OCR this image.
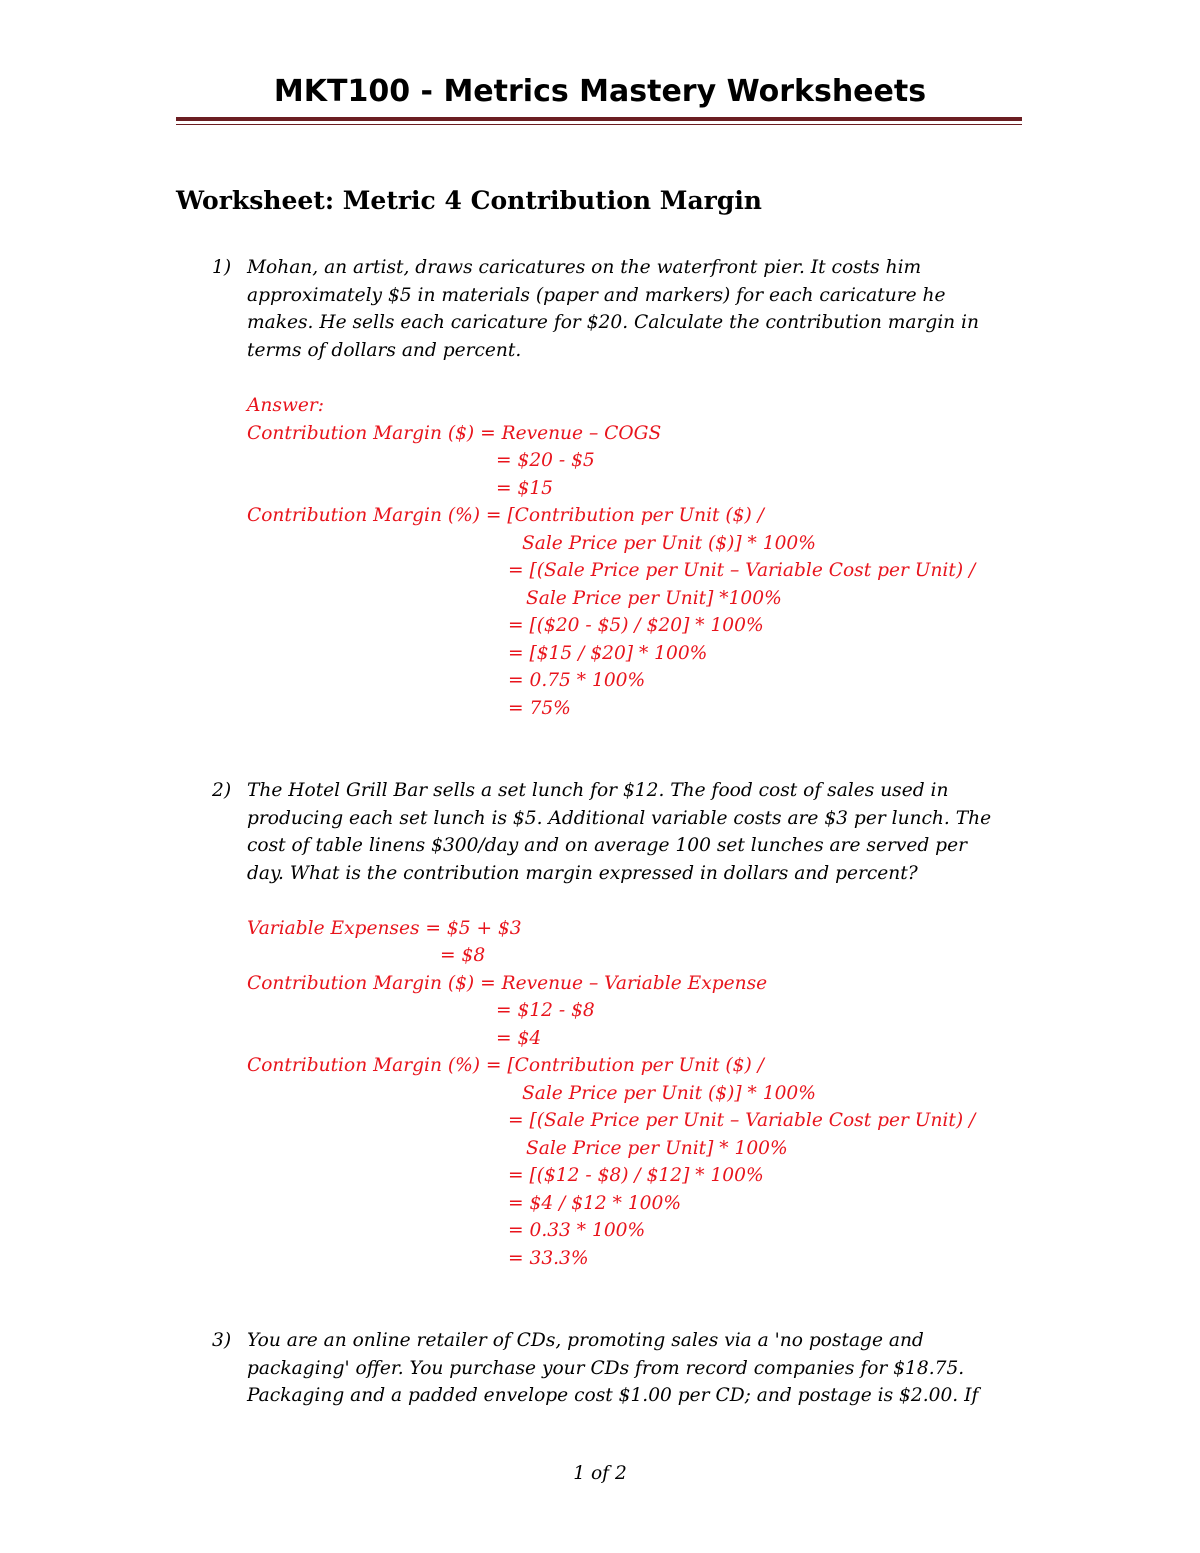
MKT100 - Metrics Mastery Worksheets
Worksheet: Metric 4 Contribution Margin

1) Mohan, an artist, draws caricatures on the waterfront pier. It costs him

approximately $5 in materials (paper and markers) for each caricature he

makes. He sells each caricature for $20. Calculate the contribution margin in

terms of dollars and percent.

Answer:

Contribution Margin ($) = Revenue – COGS

= $20 - $5

= $15

Contribution Margin (%) = [Contribution per Unit ($) /

Sale Price per Unit ($)] * 100%

= [(Sale Price per Unit – Variable Cost per Unit) /

Sale Price per Unit] *100%

= [($20 - $5) / $20] * 100%

= [$15 / $20] * 100%

= 0.75 * 100%

= 75%

2) The Hotel Grill Bar sells a set lunch for $12. The food cost of sales used in

producing each set lunch is $5. Additional variable costs are $3 per lunch. The

cost of table linens $300/day and on average 100 set lunches are served per

day. What is the contribution margin expressed in dollars and percent?

Variable Expenses = $5 + $3

= $8

Contribution Margin ($) = Revenue – Variable Expense

= $12 - $8

= $4

Contribution Margin (%) = [Contribution per Unit ($) /

Sale Price per Unit ($)] * 100%

= [(Sale Price per Unit – Variable Cost per Unit) /

Sale Price per Unit] * 100%

= [($12 - $8) / $12] * 100%

= $4 / $12 * 100%

= 0.33 * 100%

= 33.3%

3) You are an online retailer of CDs, promoting sales via a 'no postage and

packaging' offer. You purchase your CDs from record companies for $18.75.

Packaging and a padded envelope cost $1.00 per CD; and postage is $2.00. If

1 of 2
